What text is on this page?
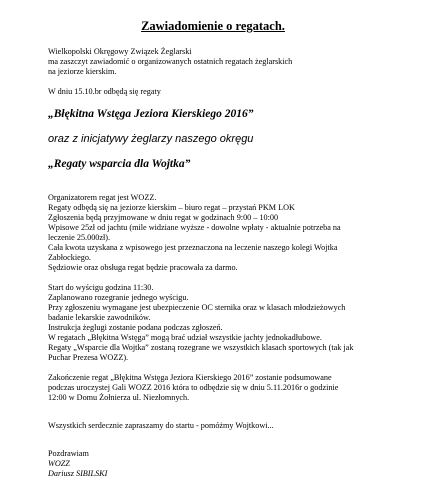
Zawiadomienie o regatach.
Wielkopolski Okręgowy Związek Żeglarski
ma zaszczyt zawiadomić o organizowanych ostatnich regatach żeglarskich
na jeziorze kierskim.
W dniu 15.10.br odbędą się regaty
„Błękitna Wstęga Jeziora Kierskiego 2016”
oraz z inicjatywy żeglarzy naszego okręgu
„Regaty wsparcia dla Wojtka”
Organizatorem regat jest WOZZ.
Regaty odbędą się na jeziorze kierskim – biuro regat – przystań PKM LOK
Zgłoszenia będą przyjmowane w dniu regat w godzinach 9:00 – 10:00
Wpisowe 25zł od jachtu (mile widziane wyższe - dowolne wpłaty - aktualnie potrzeba na
leczenie 25.000zł).
Cała kwota uzyskana z wpisowego jest przeznaczona na leczenie naszego kolegi Wojtka
Zabłockiego.
Sędziowie oraz obsługa regat będzie pracowała za darmo.
Start do wyścigu godzina 11:30.
Zaplanowano rozegranie jednego wyścigu.
Przy zgłoszeniu wymagane jest ubezpieczenie OC sternika oraz w klasach młodzieżowych
badanie lekarskie zawodników.
Instrukcja żeglugi zostanie podana podczas zgłoszeń.
W regatach „Błękitna Wstęga” mogą brać udział wszystkie jachty jednokadłubowe.
Regaty „Wsparcie dla Wojtka” zostaną rozegrane we wszystkich klasach sportowych (tak jak
Puchar Prezesa WOZZ).
Zakończenie regat „Błękitna Wstęga Jeziora Kierskiego 2016” zostanie podsumowane
podczas uroczystej Gali WOZZ 2016 która to odbędzie się w dniu 5.11.2016r o godzinie
12:00 w Domu Żołnierza ul. Niezłomnych.
Wszystkich serdecznie zapraszamy do startu - pomóżmy Wojtkowi...
Pozdrawiam
WOZZ
Dariusz SIBILSKI
